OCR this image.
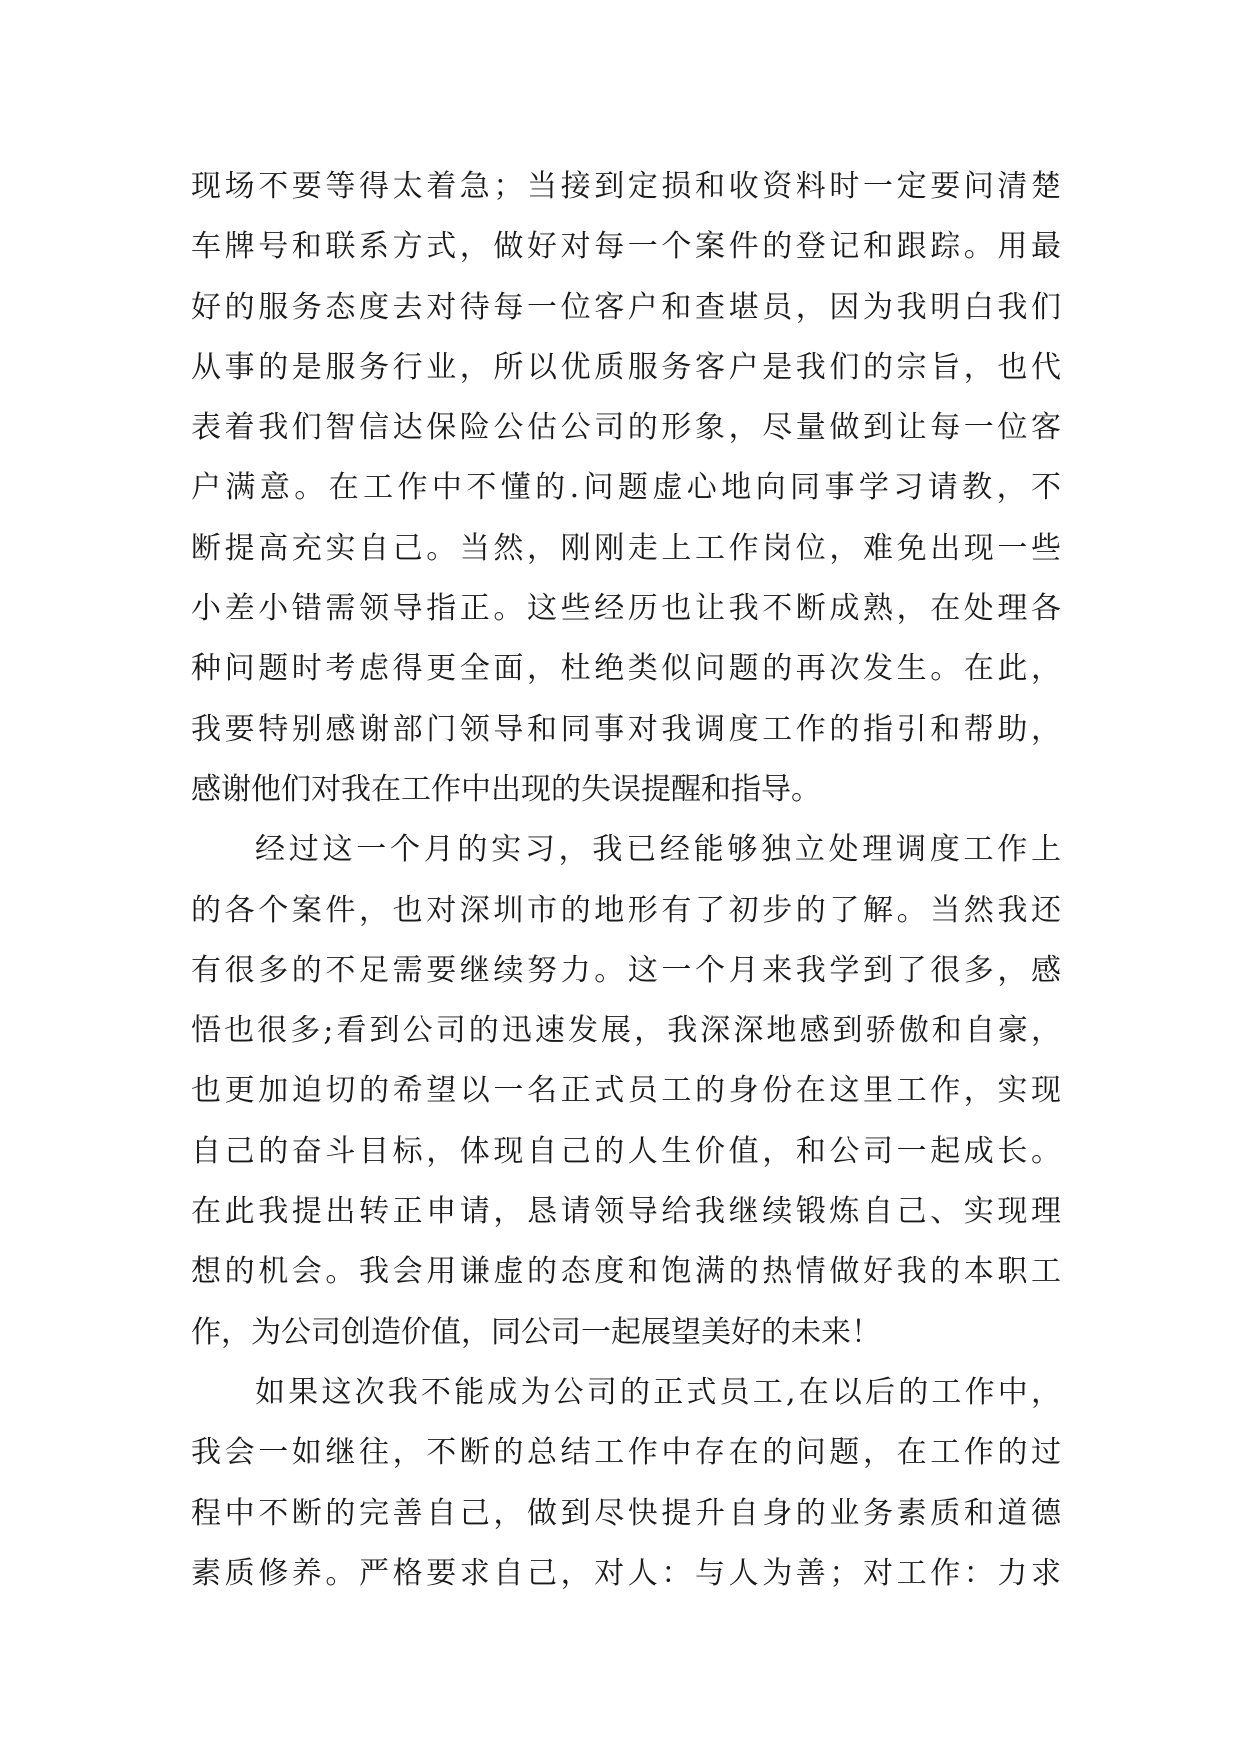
现场不要等得太着急；当接到定损和收资料时一定要问清楚
车牌号和联系方式，做好对每一个案件的登记和跟踪。用最
好的服务态度去对待每一位客户和查堪员，因为我明白我们
从事的是服务行业，所以优质服务客户是我们的宗旨，也代
表着我们智信达保险公估公司的形象，尽量做到让每一位客
户满意。在工作中不懂的.问题虚心地向同事学习请教，不
断提高充实自己。当然，刚刚走上工作岗位，难免出现一些
小差小错需领导指正。这些经历也让我不断成熟，在处理各
种问题时考虑得更全面，杜绝类似问题的再次发生。在此，
我要特别感谢部门领导和同事对我调度工作的指引和帮助，
感谢他们对我在工作中出现的失误提醒和指导。
经过这一个月的实习，我已经能够独立处理调度工作上
的各个案件，也对深圳市的地形有了初步的了解。当然我还
有很多的不足需要继续努力。这一个月来我学到了很多，感
悟也很多;看到公司的迅速发展，我深深地感到骄傲和自豪，
也更加迫切的希望以一名正式员工的身份在这里工作，实现
自己的奋斗目标，体现自己的人生价值，和公司一起成长。
在此我提出转正申请，恳请领导给我继续锻炼自己、实现理
想的机会。我会用谦虚的态度和饱满的热情做好我的本职工
作，为公司创造价值，同公司一起展望美好的未来！
如果这次我不能成为公司的正式员工,在以后的工作中，
我会一如继往，不断的总结工作中存在的问题，在工作的过
程中不断的完善自己，做到尽快提升自身的业务素质和道德
素质修养。严格要求自己，对人：与人为善；对工作：力求
